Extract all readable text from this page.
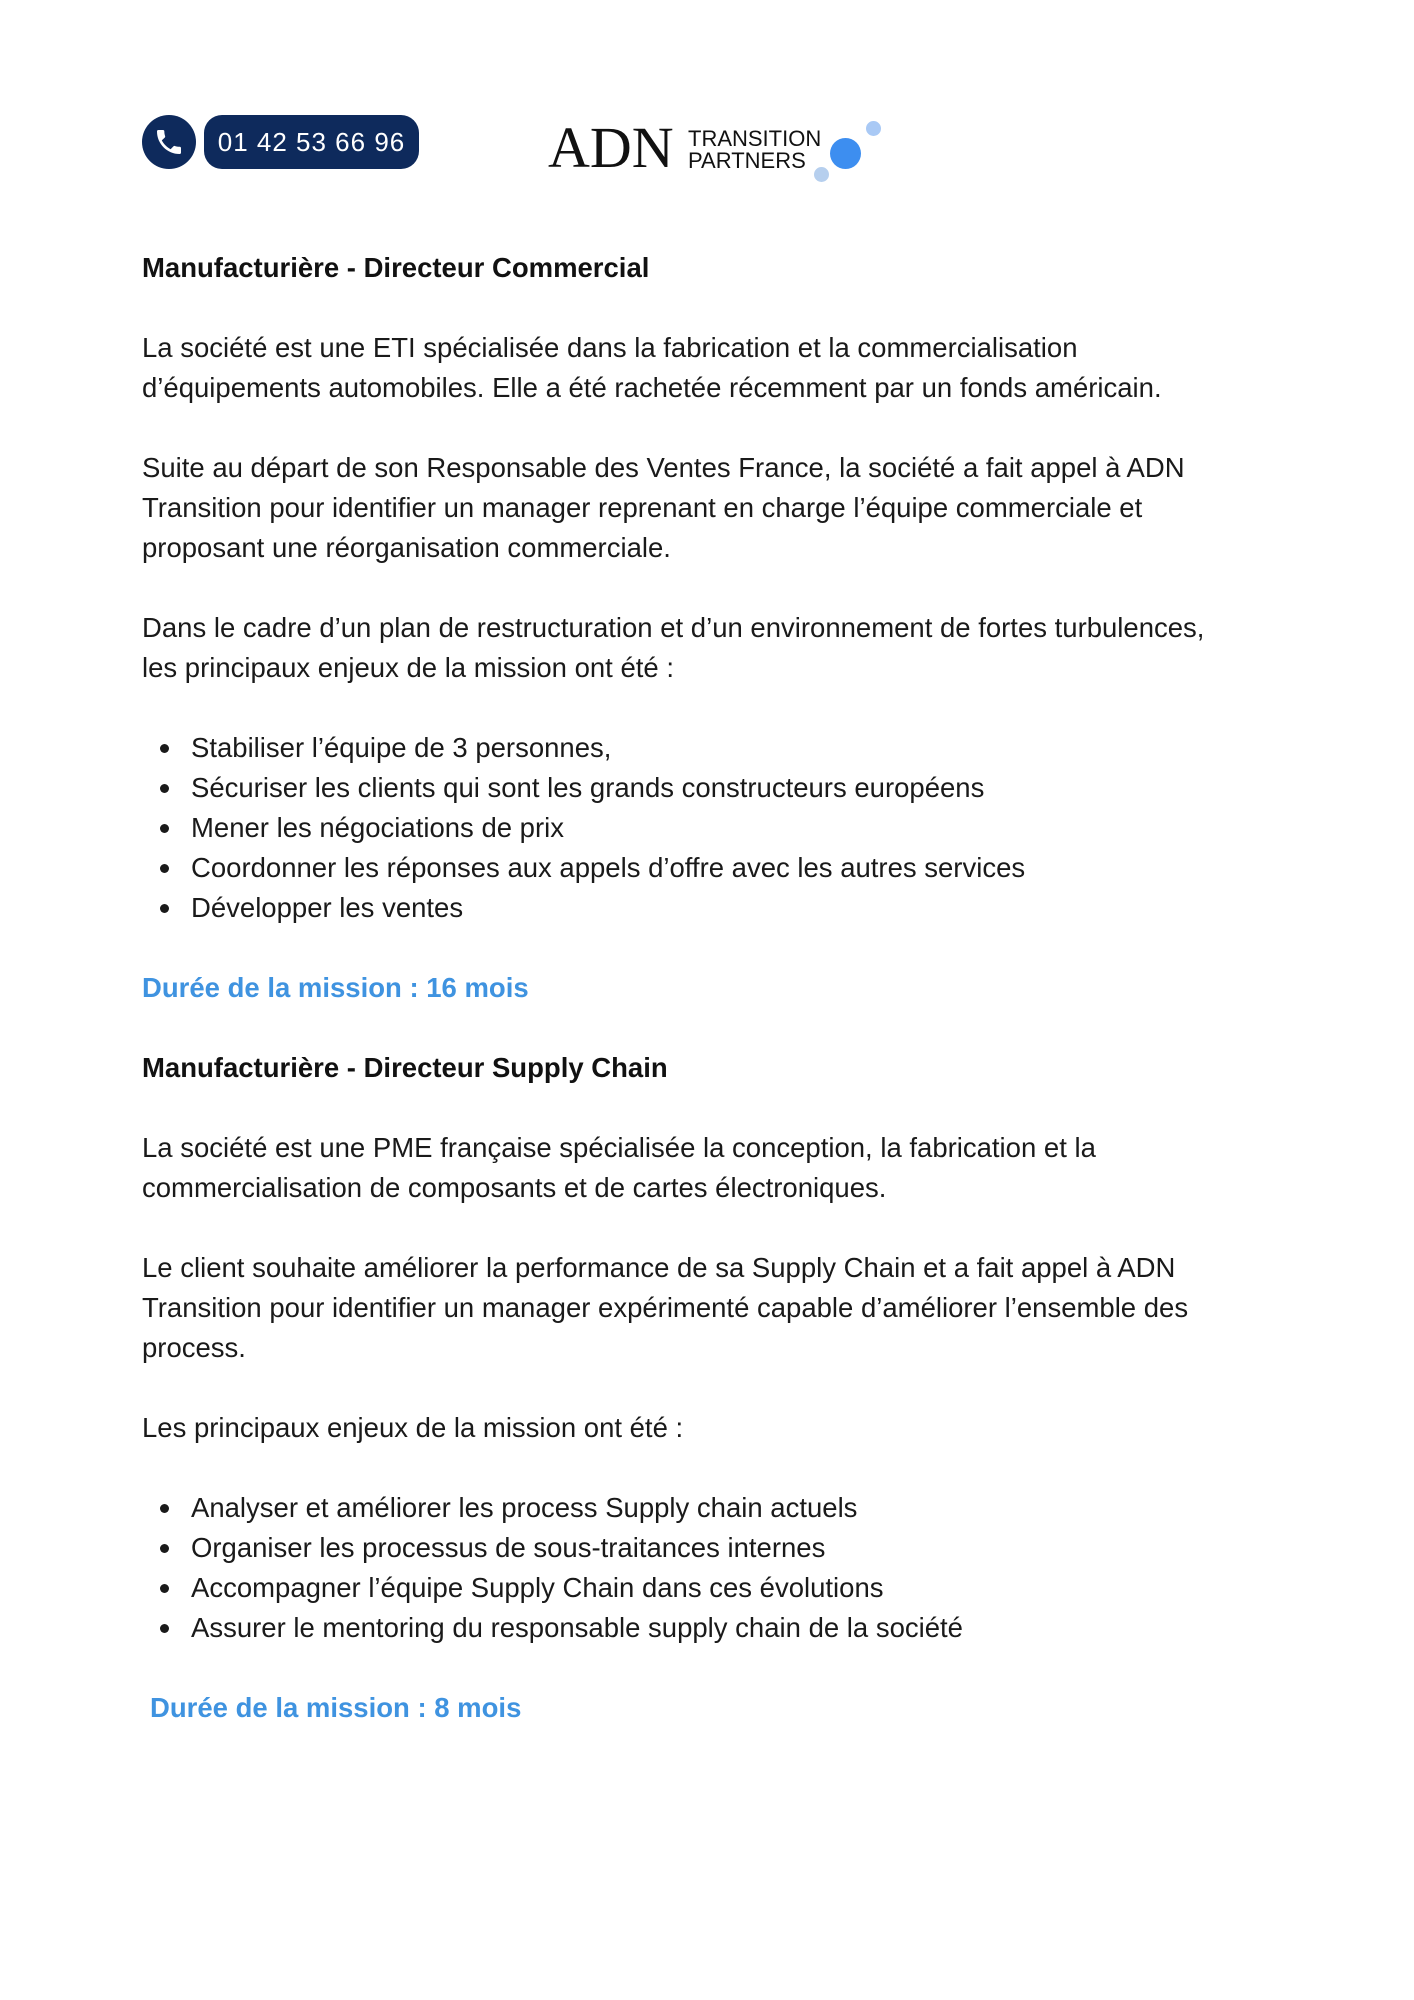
01 42 53 66 96 ADN TRANSITION
PARTNERS

Manufacturière - Directeur Commercial

La société est une ETI spécialisée dans la fabrication et la commercialisation
d’équipements automobiles. Elle a été rachetée récemment par un fonds américain.

Suite au départ de son Responsable des Ventes France, la société a fait appel à ADN
Transition pour identifier un manager reprenant en charge l’équipe commerciale et
proposant une réorganisation commerciale.

Dans le cadre d’un plan de restructuration et d’un environnement de fortes turbulences,
les principaux enjeux de la mission ont été :

Stabiliser l’équipe de 3 personnes,
Sécuriser les clients qui sont les grands constructeurs européens
Mener les négociations de prix
Coordonner les réponses aux appels d’offre avec les autres services
Développer les ventes

Durée de la mission : 16 mois

Manufacturière - Directeur Supply Chain

La société est une PME française spécialisée la conception, la fabrication et la
commercialisation de composants et de cartes électroniques.

Le client souhaite améliorer la performance de sa Supply Chain et a fait appel à ADN
Transition pour identifier un manager expérimenté capable d’améliorer l’ensemble des
process.

Les principaux enjeux de la mission ont été :

Analyser et améliorer les process Supply chain actuels
Organiser les processus de sous-traitances internes
Accompagner l’équipe Supply Chain dans ces évolutions
Assurer le mentoring du responsable supply chain de la société

Durée de la mission : 8 mois
